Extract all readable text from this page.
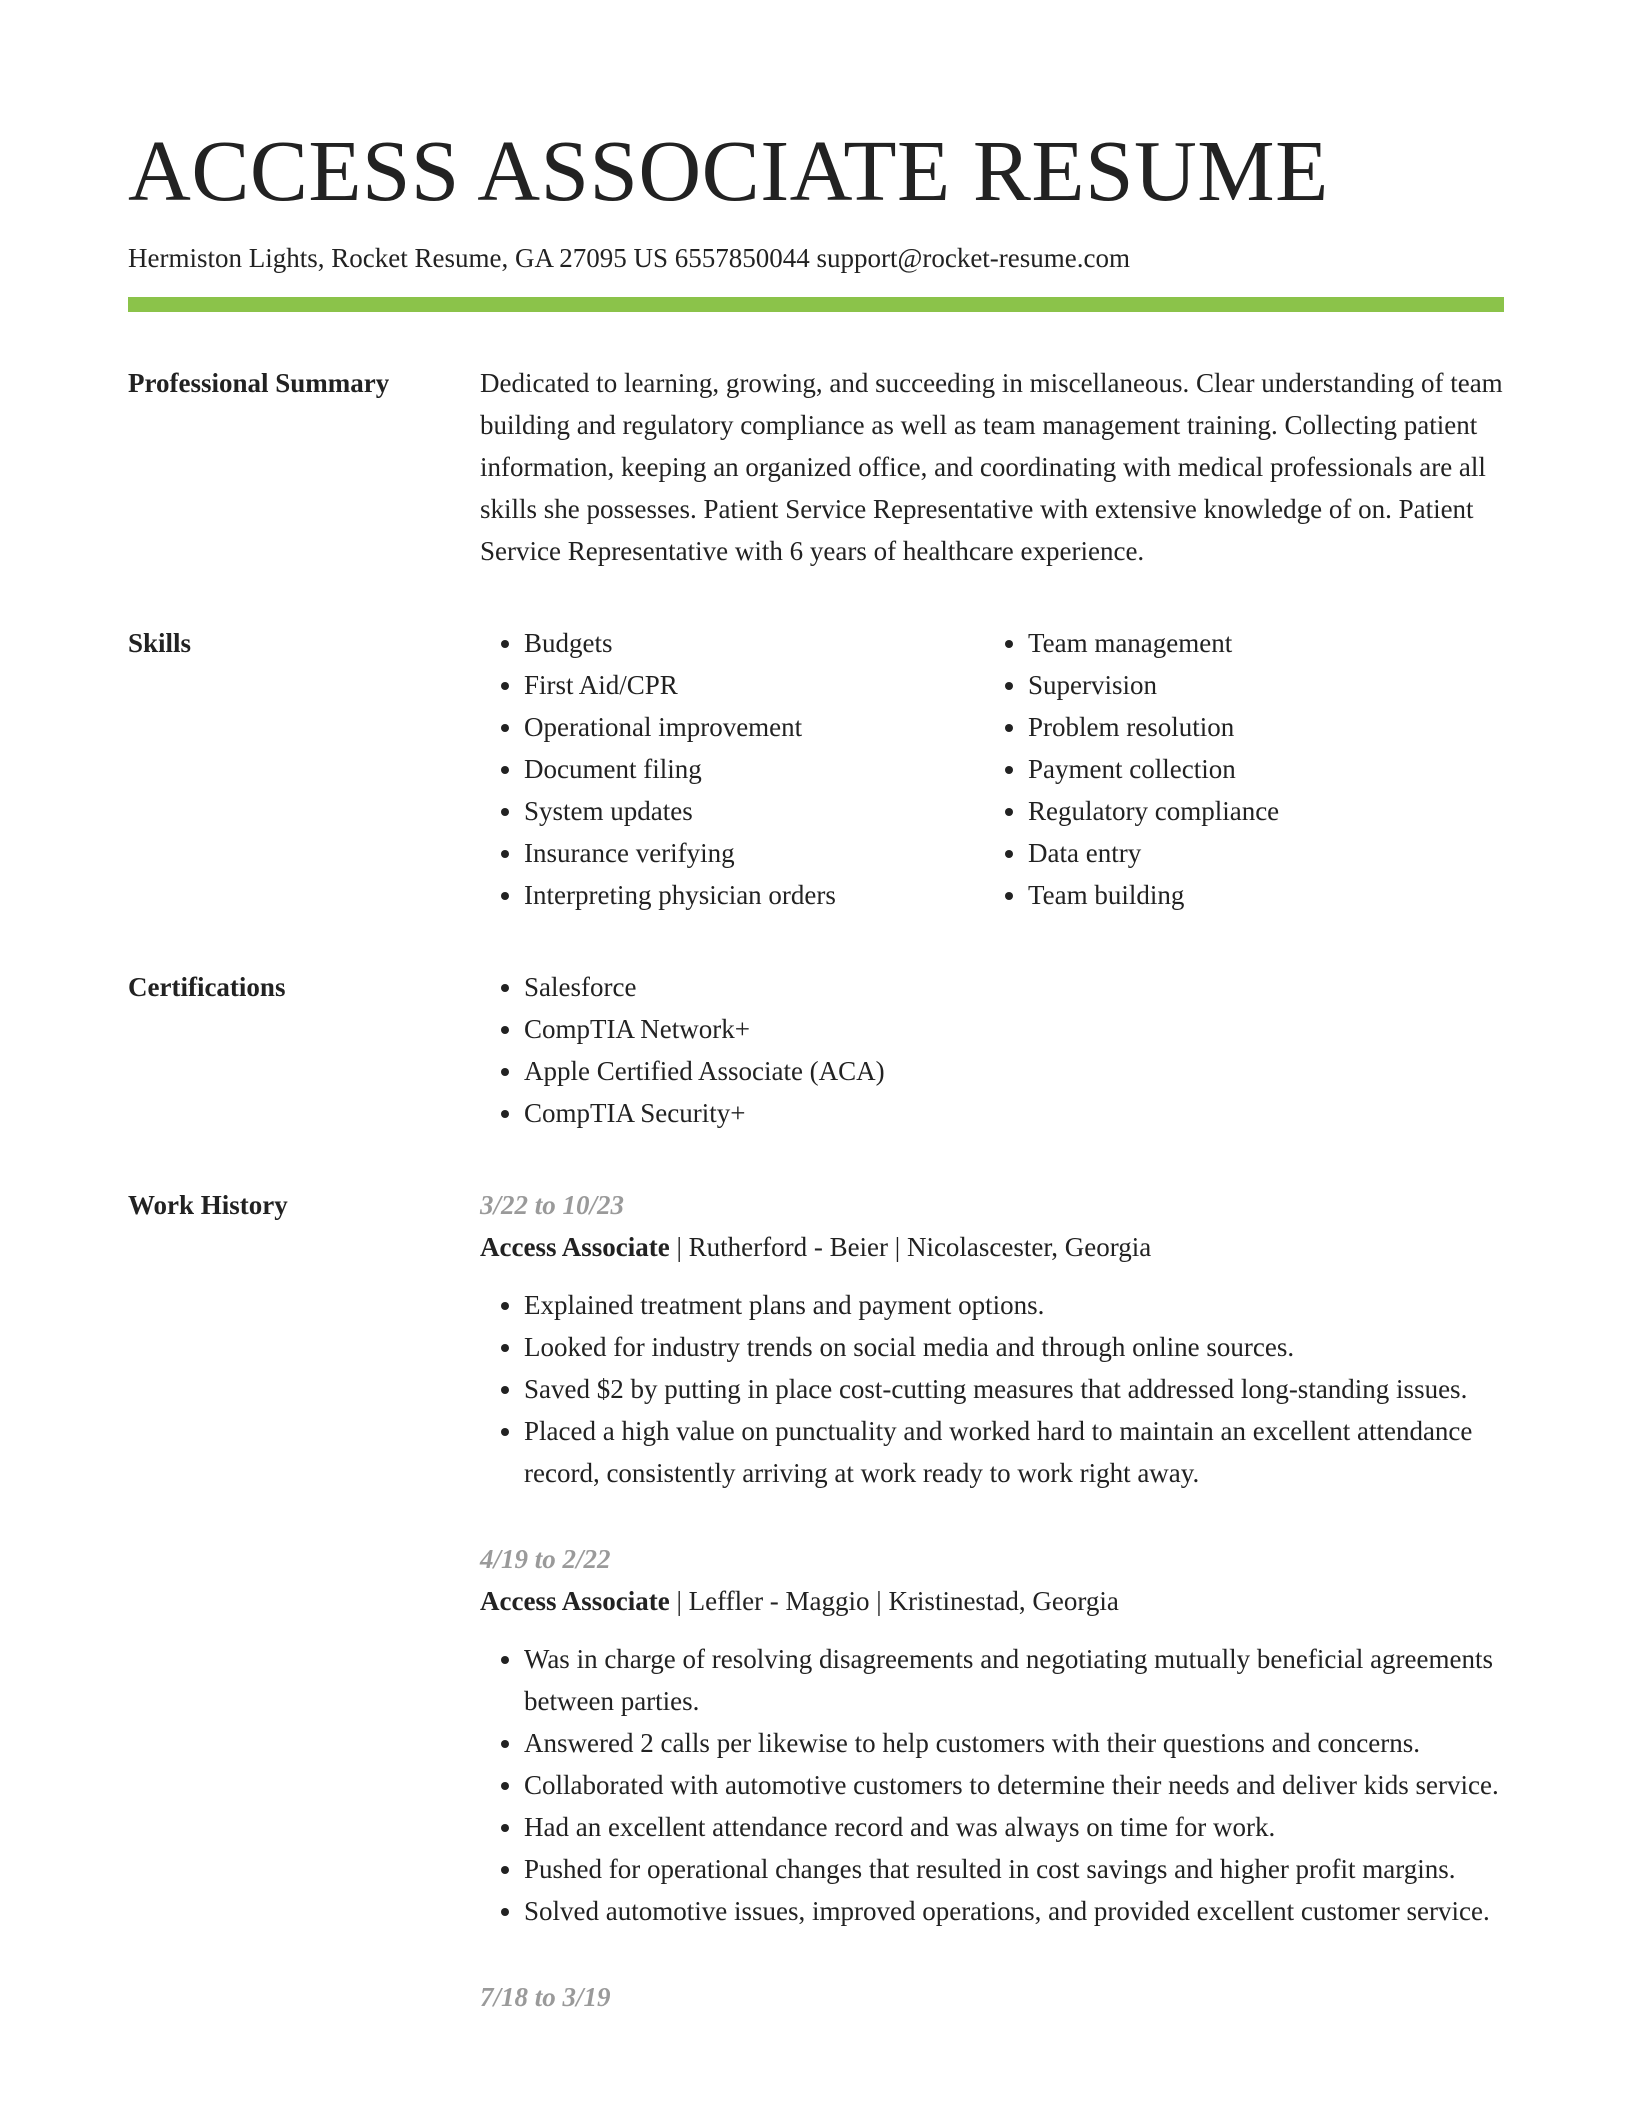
ACCESS ASSOCIATE RESUME
Hermiston Lights, Rocket Resume, GA 27095 US 6557850044 support@rocket-resume.com
Professional Summary	Dedicated to learning, growing, and succeeding in miscellaneous. Clear understanding of team building and regulatory compliance as well as team management training. Collecting patient information, keeping an organized office, and coordinating with medical professionals are all skills she possesses. Patient Service Representative with extensive knowledge of on. Patient Service Representative with 6 years of healthcare experience.

Skills	• Budgets
• First Aid/CPR
• Operational improvement
• Document filing
• System updates
• Insurance verifying
• Interpreting physician orders
• Team management
• Supervision
• Problem resolution
• Payment collection
• Regulatory compliance
• Data entry
• Team building
Certifications	• Salesforce
• CompTIA Network+
• Apple Certified Associate (ACA)
• CompTIA Security+
Work History	3/22 to 10/23
Access Associate | Rutherford - Beier | Nicolascester, Georgia
• Explained treatment plans and payment options.
• Looked for industry trends on social media and through online sources.
• Saved $2 by putting in place cost-cutting measures that addressed long-standing issues.
• Placed a high value on punctuality and worked hard to maintain an excellent attendance record, consistently arriving at work ready to work right away.
4/19 to 2/22
Access Associate | Leffler - Maggio | Kristinestad, Georgia
• Was in charge of resolving disagreements and negotiating mutually beneficial agreements between parties.
• Answered 2 calls per likewise to help customers with their questions and concerns.
• Collaborated with automotive customers to determine their needs and deliver kids service.
• Had an excellent attendance record and was always on time for work.
• Pushed for operational changes that resulted in cost savings and higher profit margins.
• Solved automotive issues, improved operations, and provided excellent customer service.
7/18 to 3/19
